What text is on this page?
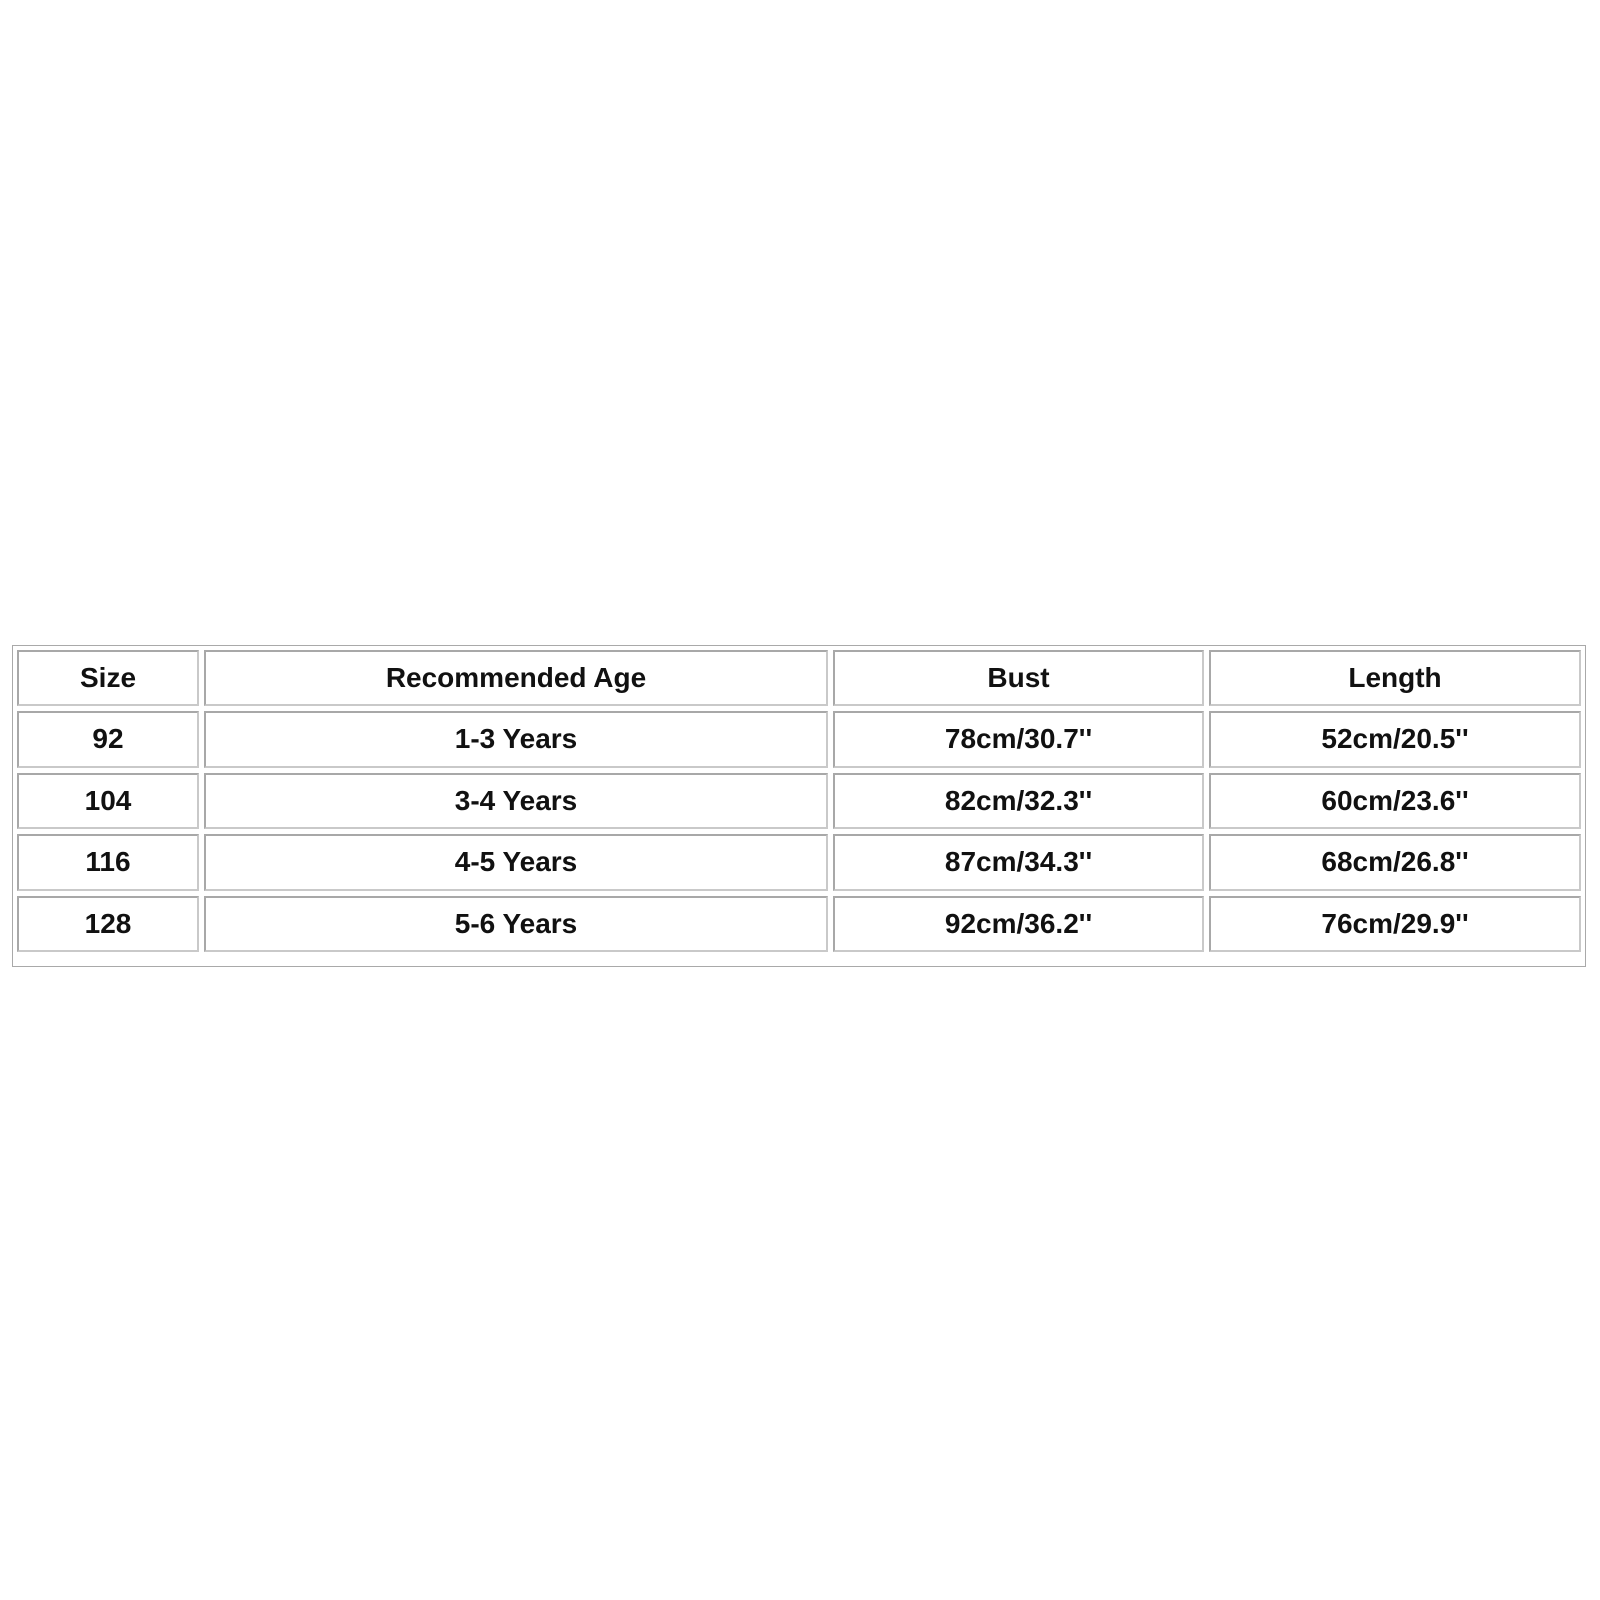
Size	Recommended Age	Bust	Length
92	1-3 Years	78cm/30.7''	52cm/20.5''
104	3-4 Years	82cm/32.3''	60cm/23.6''
116	4-5 Years	87cm/34.3''	68cm/26.8''
128	5-6 Years	92cm/36.2''	76cm/29.9''
